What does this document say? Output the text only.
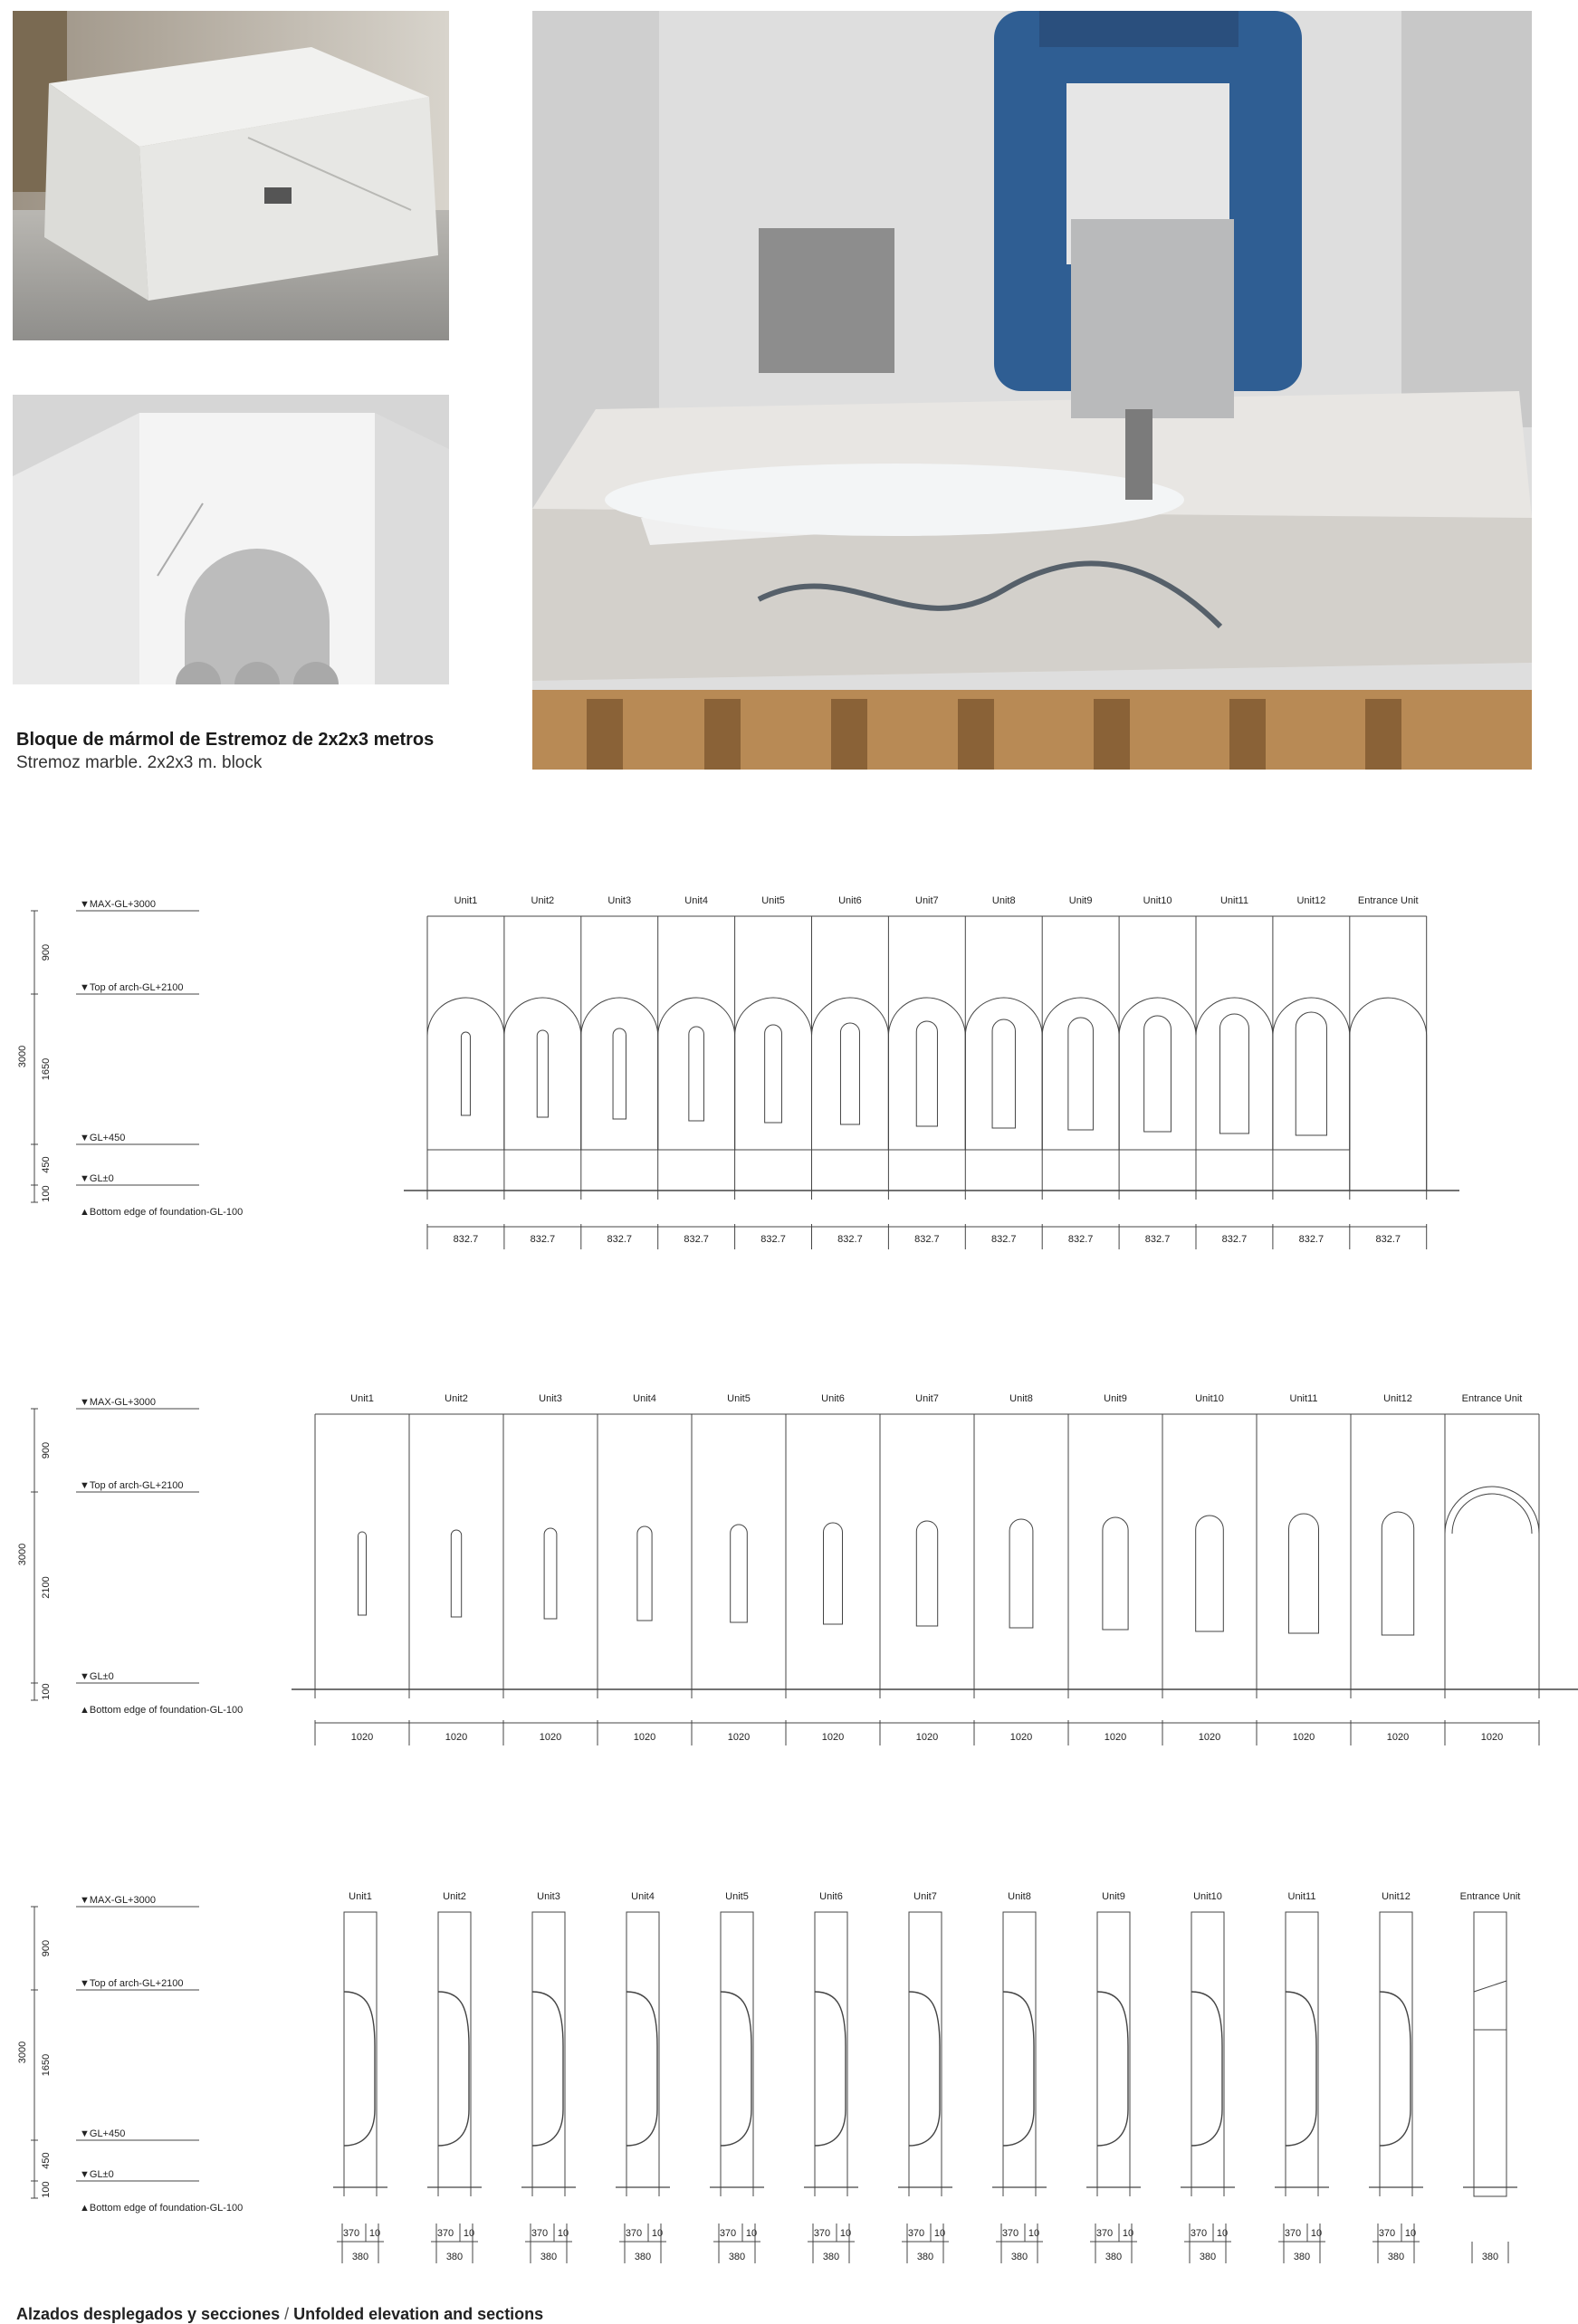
Bloque de mármol de Estremoz de 2x2x3 metros
Stremoz marble. 2x2x3 m. block
▼MAX-GL+3000
▼Top of arch-GL+2100
▼GL+450
▼GL±0
▲Bottom edge of foundation-GL-100
3000
900
1650
450
100
Unit1
832.7
Unit2
832.7
Unit3
832.7
Unit4
832.7
Unit5
832.7
Unit6
832.7
Unit7
832.7
Unit8
832.7
Unit9
832.7
Unit10
832.7
Unit11
832.7
Unit12
832.7
Entrance Unit
832.7
▼MAX-GL+3000
▼Top of arch-GL+2100
▼GL±0
▲Bottom edge of foundation-GL-100
3000
900
2100
100
Unit1
1020
Unit2
1020
Unit3
1020
Unit4
1020
Unit5
1020
Unit6
1020
Unit7
1020
Unit8
1020
Unit9
1020
Unit10
1020
Unit11
1020
Unit12
1020
Entrance Unit
1020
▼MAX-GL+3000
▼Top of arch-GL+2100
▼GL+450
▼GL±0
▲Bottom edge of foundation-GL-100
3000
900
1650
450
100
Unit1
370 10
380
Unit2
370 10
380
Unit3
370 10
380
Unit4
370 10
380
Unit5
370 10
380
Unit6
370 10
380
Unit7
370 10
380
Unit8
370 10
380
Unit9
370 10
380
Unit10
370 10
380
Unit11
370 10
380
Unit12
370 10
380
Entrance Unit
380
Alzados desplegados y secciones / Unfolded elevation and sections
